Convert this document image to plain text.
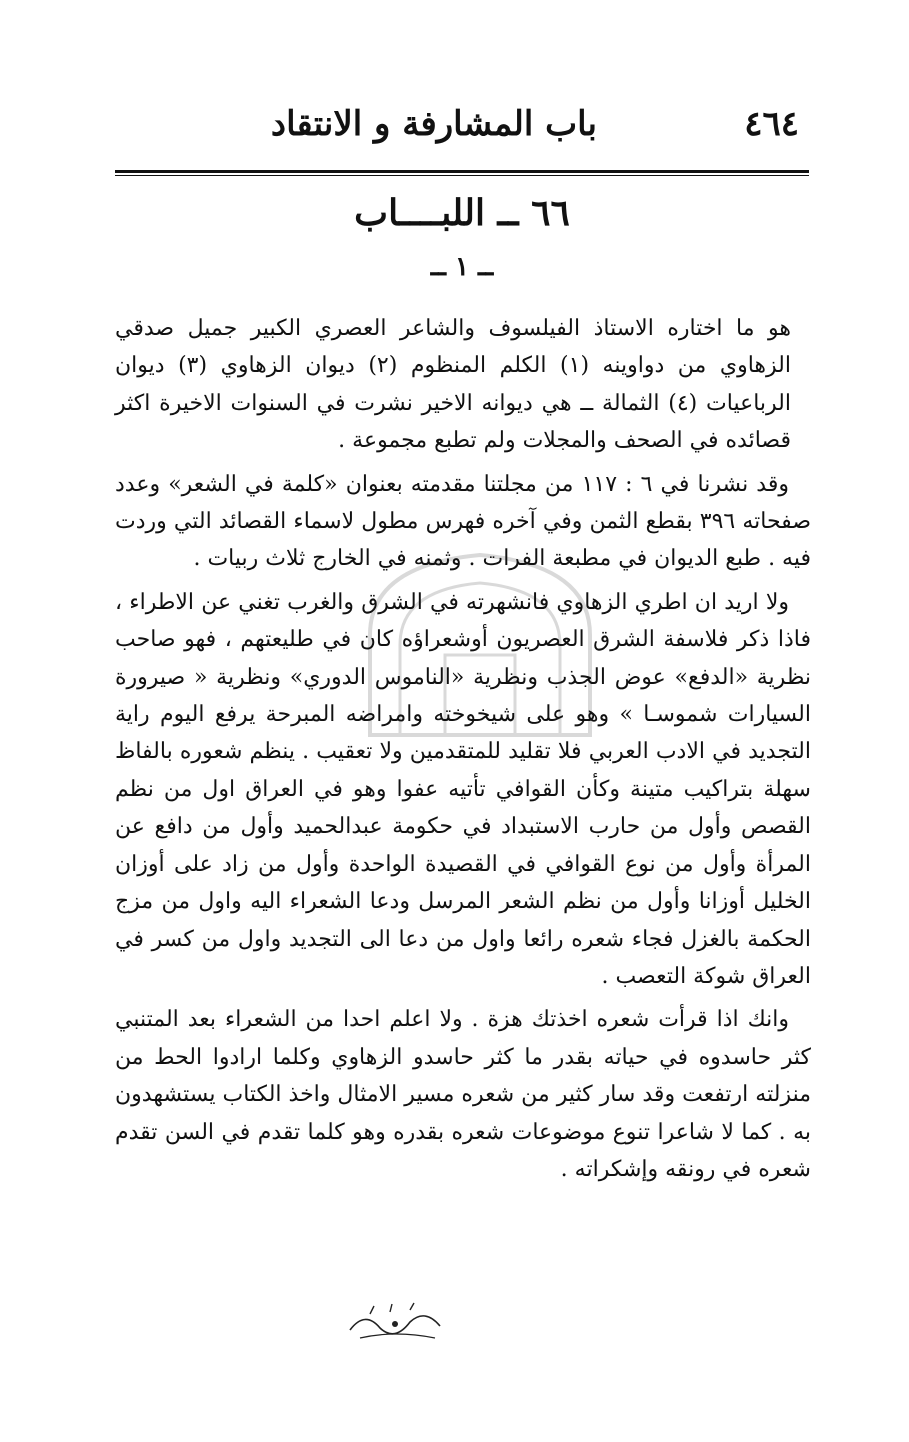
٤٦٤
باب المشارفة و الانتقاد
٦٦ ــ اللبــــاب
ــ ١ ــ

هو ما اختاره الاستاذ الفيلسوف والشاعر العصري الكبير جميل صدقي الزهاوي من دواوينه (١) الكلم المنظوم (٢) ديوان الزهاوي (٣) ديوان الرباعيات (٤) الثمالة ــ هي ديوانه الاخير نشرت في السنوات الاخيرة اكثر قصائده في الصحف والمجلات ولم تطبع مجموعة .

وقد نشرنا في ٦ : ١١٧ من مجلتنا مقدمته بعنوان «كلمة في الشعر» وعدد صفحاته ٣٩٦ بقطع الثمن وفي آخره فهرس مطول لاسماء القصائد التي وردت فيه . طبع الديوان في مطبعة الفرات . وثمنه في الخارج ثلاث ربيات .

ولا اريد ان اطري الزهاوي فانشهرته في الشرق والغرب تغني عن الاطراء ، فاذا ذكر فلاسفة الشرق العصريون أوشعراؤه كان في طليعتهم ، فهو صاحب نظرية «الدفع» عوض الجذب ونظرية «الناموس الدوري» ونظرية « صيرورة السيارات شموسـا » وهو على شيخوخته وامراضه المبرحة يرفع اليوم راية التجديد في الادب العربي فلا تقليد للمتقدمين ولا تعقيب . ينظم شعوره بالفاظ سهلة بتراكيب متينة وكأن القوافي تأتيه عفوا وهو في العراق اول من نظم القصص وأول من حارب الاستبداد في حكومة عبدالحميد وأول من دافع عن المرأة وأول من نوع القوافي في القصيدة الواحدة وأول من زاد على أوزان الخليل أوزانا وأول من نظم الشعر المرسل ودعا الشعراء اليه واول من مزج الحكمة بالغزل فجاء شعره رائعا واول من دعا الى التجديد واول من كسر في العراق شوكة التعصب .

وانك اذا قرأت شعره اخذتك هزة . ولا اعلم احدا من الشعراء بعد المتنبي كثر حاسدوه في حياته بقدر ما كثر حاسدو الزهاوي وكلما ارادوا الحط من منزلته ارتفعت وقد سار كثير من شعره مسير الامثال واخذ الكتاب يستشهدون به . كما لا شاعرا تنوع موضوعات شعره بقدره وهو كلما تقدم في السن تقدم شعره في رونقه وإشكراته .
